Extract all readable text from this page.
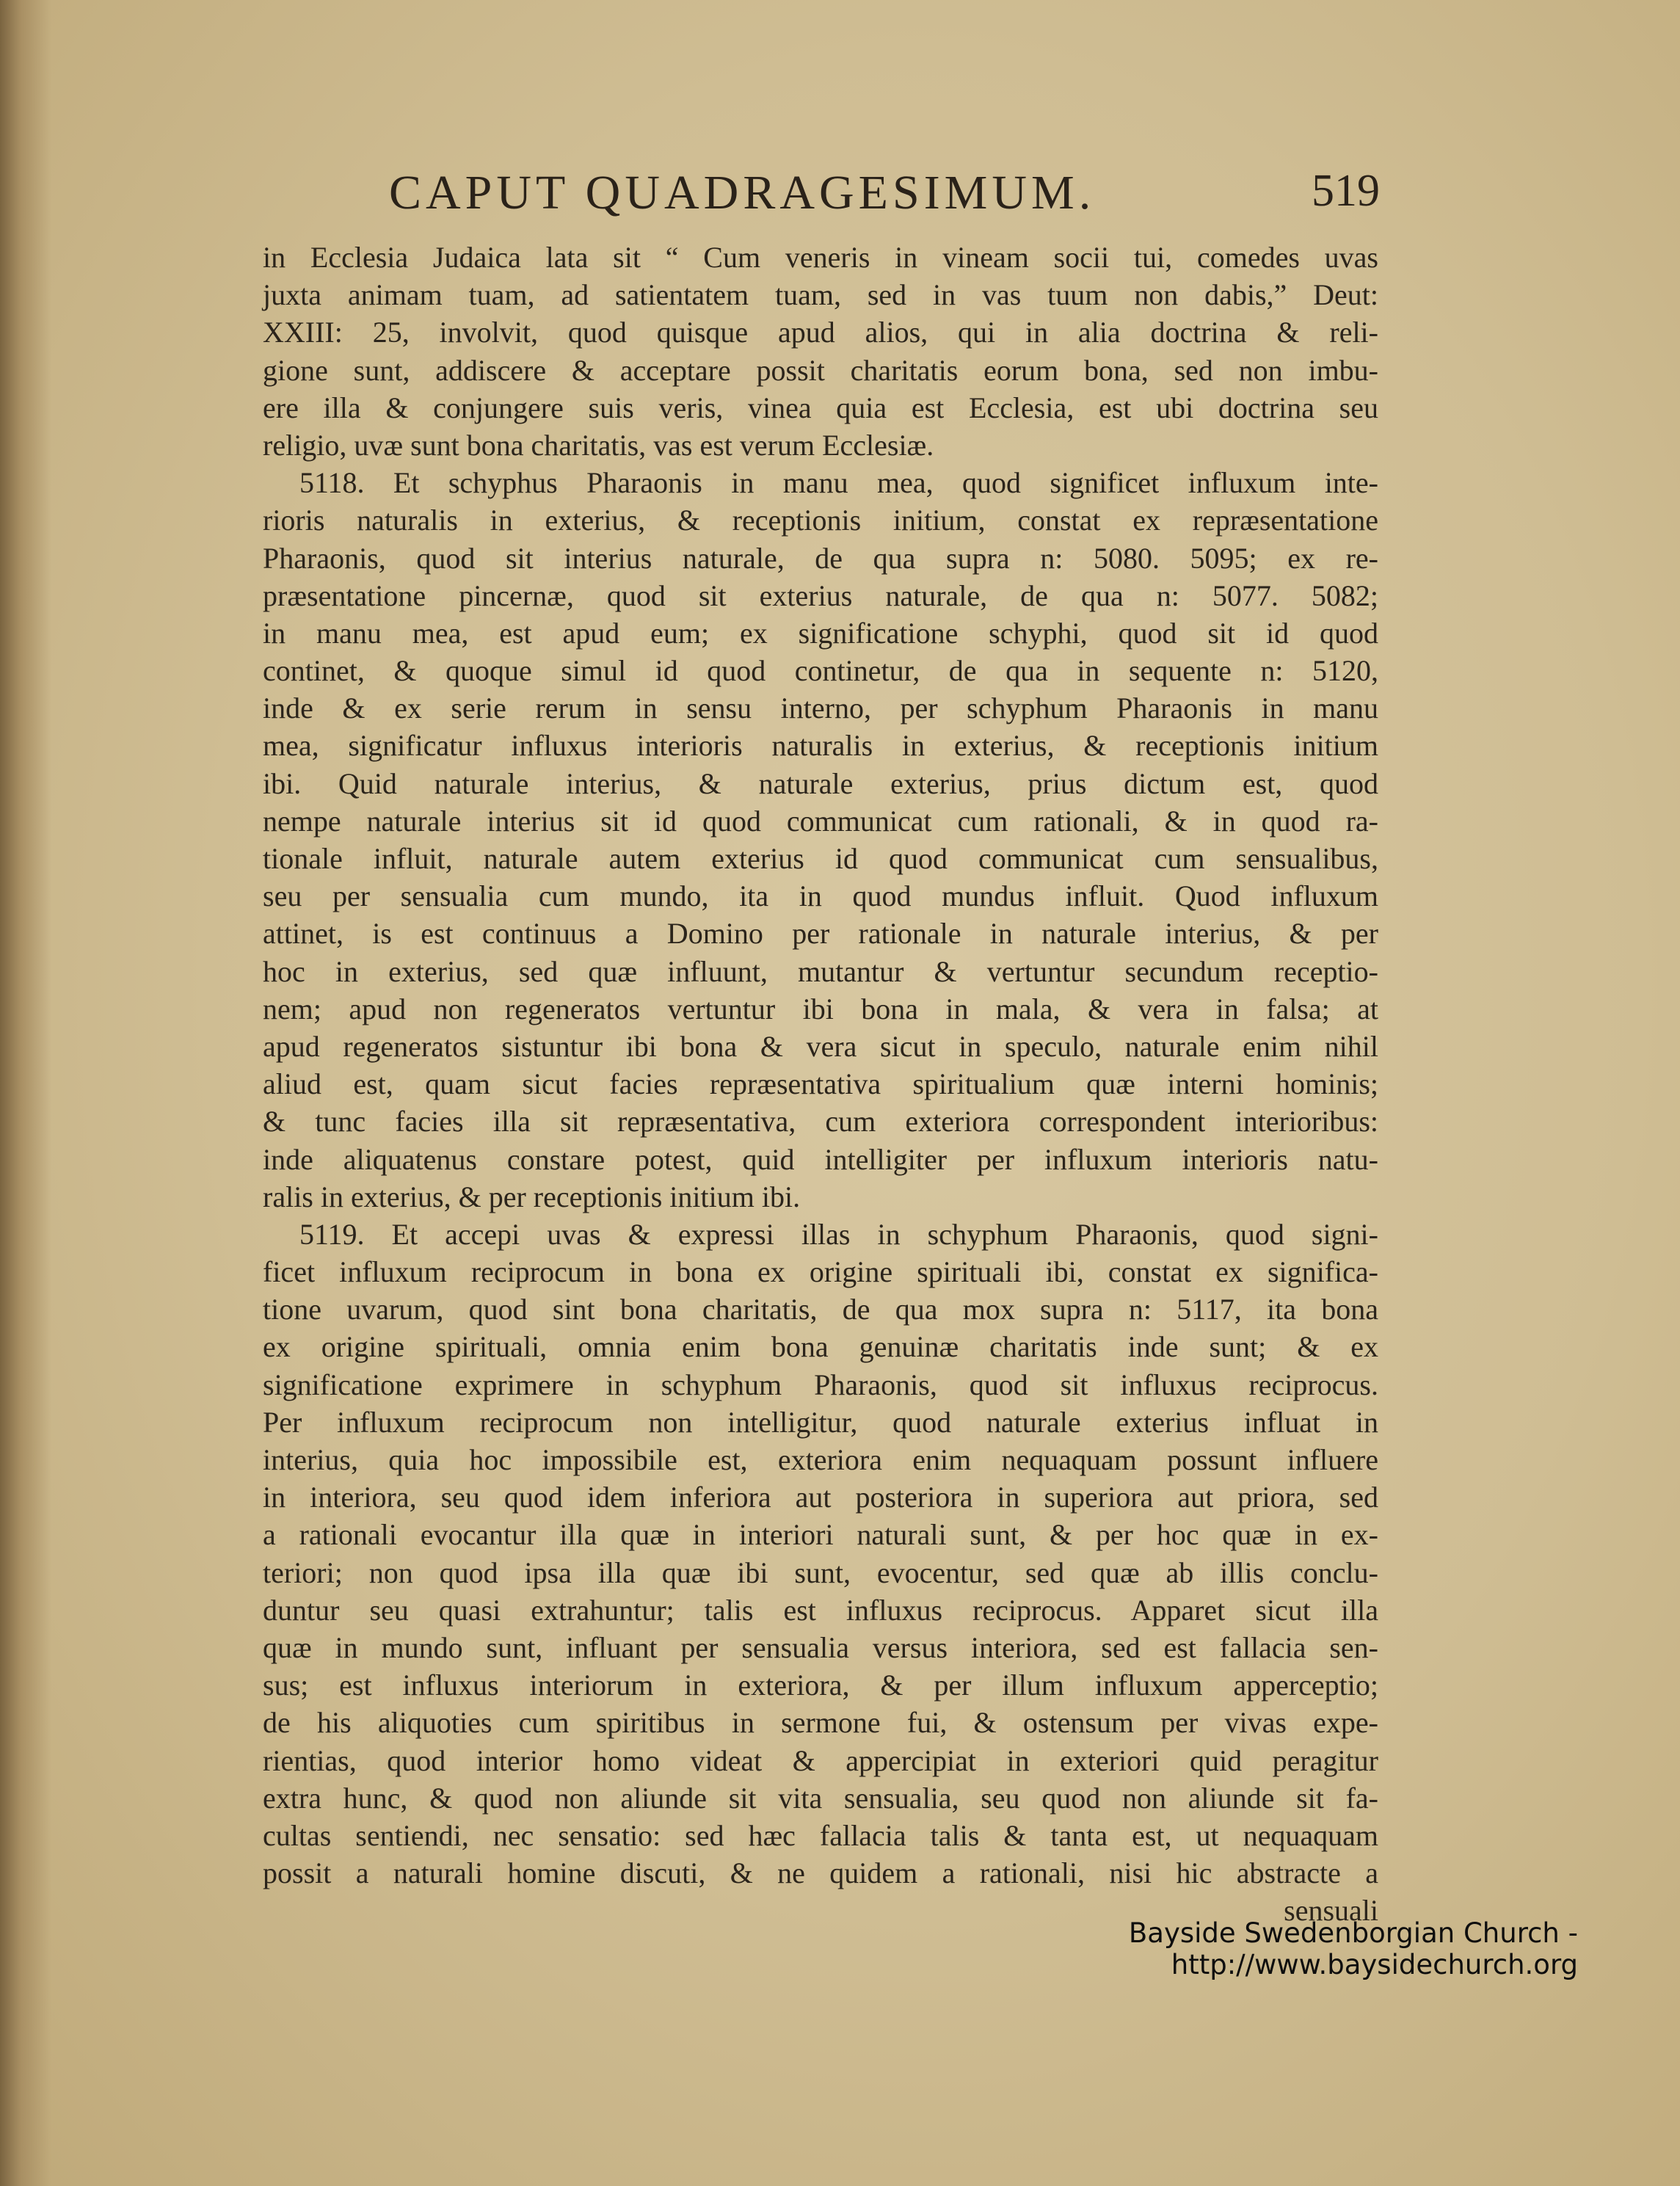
CAPUT QUADRAGESIMUM.	519
in Ecclesia Judaica lata sit “ Cum veneris in vineam socii tui, comedes uvas
juxta animam tuam, ad satientatem tuam, sed in vas tuum non dabis,” Deut:
XXIII: 25, involvit, quod quisque apud alios, qui in alia doctrina & reli-
gione sunt, addiscere & acceptare possit charitatis eorum bona, sed non imbu-
ere illa & conjungere suis veris, vinea quia est Ecclesia, est ubi doctrina seu
religio, uvæ sunt bona charitatis, vas est verum Ecclesiæ.
5118. Et schyphus Pharaonis in manu mea, quod significet influxum inte-
rioris naturalis in exterius, & receptionis initium, constat ex repræsentatione
Pharaonis, quod sit interius naturale, de qua supra n: 5080. 5095; ex re-
præsentatione pincernæ, quod sit exterius naturale, de qua n: 5077. 5082;
in manu mea, est apud eum; ex significatione schyphi, quod sit id quod
continet, & quoque simul id quod continetur, de qua in sequente n: 5120,
inde & ex serie rerum in sensu interno, per schyphum Pharaonis in manu
mea, significatur influxus interioris naturalis in exterius, & receptionis initium
ibi. Quid naturale interius, & naturale exterius, prius dictum est, quod
nempe naturale interius sit id quod communicat cum rationali, & in quod ra-
tionale influit, naturale autem exterius id quod communicat cum sensualibus,
seu per sensualia cum mundo, ita in quod mundus influit. Quod influxum
attinet, is est continuus a Domino per rationale in naturale interius, & per
hoc in exterius, sed quæ influunt, mutantur & vertuntur secundum receptio-
nem; apud non regeneratos vertuntur ibi bona in mala, & vera in falsa; at
apud regeneratos sistuntur ibi bona & vera sicut in speculo, naturale enim nihil
aliud est, quam sicut facies repræsentativa spiritualium quæ interni hominis;
& tunc facies illa sit repræsentativa, cum exteriora correspondent interioribus:
inde aliquatenus constare potest, quid intelligiter per influxum interioris natu-
ralis in exterius, & per receptionis initium ibi.
5119. Et accepi uvas & expressi illas in schyphum Pharaonis, quod signi-
ficet influxum reciprocum in bona ex origine spirituali ibi, constat ex significa-
tione uvarum, quod sint bona charitatis, de qua mox supra n: 5117, ita bona
ex origine spirituali, omnia enim bona genuinæ charitatis inde sunt; & ex
significatione exprimere in schyphum Pharaonis, quod sit influxus reciprocus.
Per influxum reciprocum non intelligitur, quod naturale exterius influat in
interius, quia hoc impossibile est, exteriora enim nequaquam possunt influere
in interiora, seu quod idem inferiora aut posteriora in superiora aut priora, sed
a rationali evocantur illa quæ in interiori naturali sunt, & per hoc quæ in ex-
teriori; non quod ipsa illa quæ ibi sunt, evocentur, sed quæ ab illis conclu-
duntur seu quasi extrahuntur; talis est influxus reciprocus. Apparet sicut illa
quæ in mundo sunt, influant per sensualia versus interiora, sed est fallacia sen-
sus; est influxus interiorum in exteriora, & per illum influxum apperceptio;
de his aliquoties cum spiritibus in sermone fui, & ostensum per vivas expe-
rientias, quod interior homo videat & appercipiat in exteriori quid peragitur
extra hunc, & quod non aliunde sit vita sensualia, seu quod non aliunde sit fa-
cultas sentiendi, nec sensatio: sed hæc fallacia talis & tanta est, ut nequaquam
possit a naturali homine discuti, & ne quidem a rationali, nisi hic abstracte a
sensuali
Bayside Swedenborgian Church - http://www.baysidechurch.org
